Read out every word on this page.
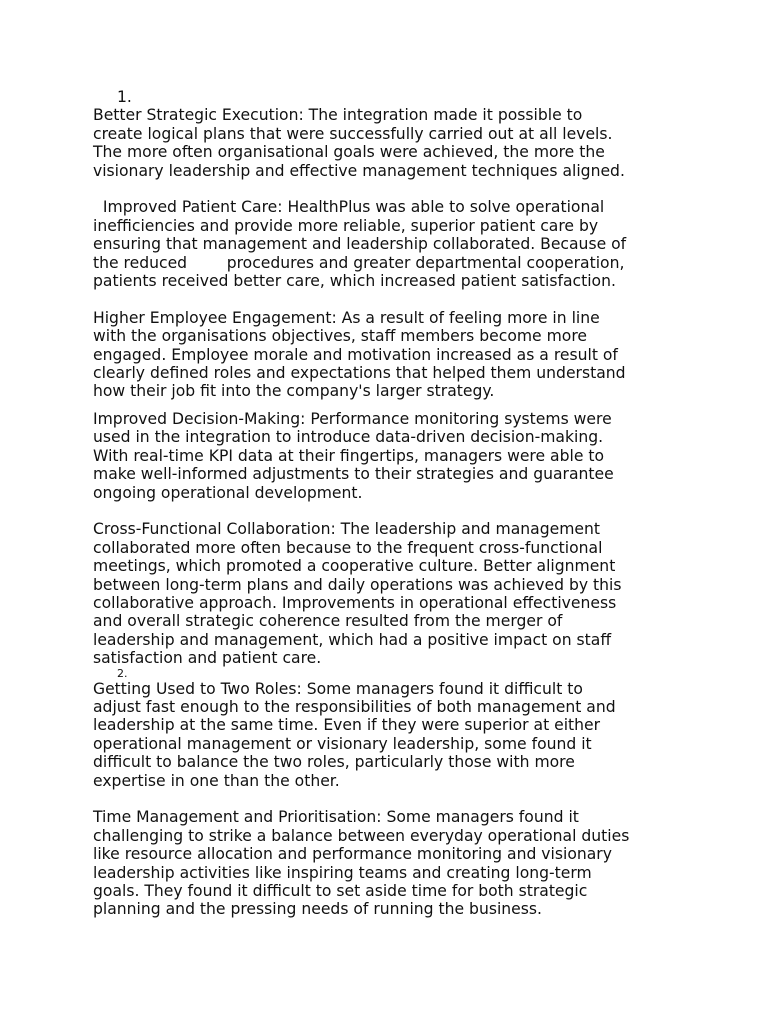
1.
Better Strategic Execution: The integration made it possible to
create logical plans that were successfully carried out at all levels.
The more often organisational goals were achieved, the more the
visionary leadership and effective management techniques aligned.
Improved Patient Care: HealthPlus was able to solve operational
inefficiencies and provide more reliable, superior patient care by
ensuring that management and leadership collaborated. Because of
the reduced        procedures and greater departmental cooperation,
patients received better care, which increased patient satisfaction.
Higher Employee Engagement: As a result of feeling more in line
with the organisations objectives, staff members become more
engaged. Employee morale and motivation increased as a result of
clearly defined roles and expectations that helped them understand
how their job fit into the company's larger strategy.
Improved Decision-Making: Performance monitoring systems were
used in the integration to introduce data-driven decision-making.
With real-time KPI data at their fingertips, managers were able to
make well-informed adjustments to their strategies and guarantee
ongoing operational development.
Cross-Functional Collaboration: The leadership and management
collaborated more often because to the frequent cross-functional
meetings, which promoted a cooperative culture. Better alignment
between long-term plans and daily operations was achieved by this
collaborative approach. Improvements in operational effectiveness
and overall strategic coherence resulted from the merger of
leadership and management, which had a positive impact on staff
satisfaction and patient care.
2.
Getting Used to Two Roles: Some managers found it difficult to
adjust fast enough to the responsibilities of both management and
leadership at the same time. Even if they were superior at either
operational management or visionary leadership, some found it
difficult to balance the two roles, particularly those with more
expertise in one than the other.
Time Management and Prioritisation: Some managers found it
challenging to strike a balance between everyday operational duties
like resource allocation and performance monitoring and visionary
leadership activities like inspiring teams and creating long-term
goals. They found it difficult to set aside time for both strategic
planning and the pressing needs of running the business.
